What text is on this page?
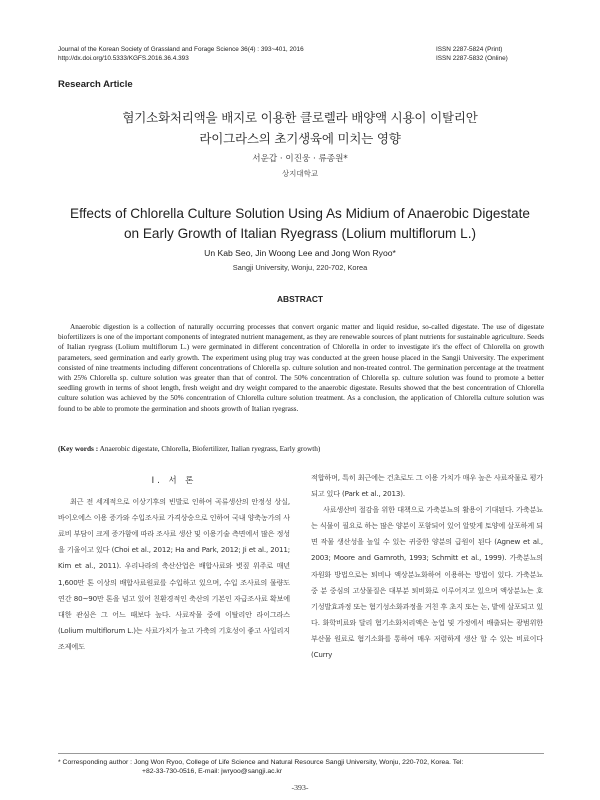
Journal of the Korean Society of Grassland and Forage Science 36(4) : 393~401, 2016
http://dx.doi.org/10.5333/KGFS.2016.36.4.393
ISSN 2287-5824 (Print)
ISSN 2287-5832 (Online)
Research Article
혐기소화처리액을 배지로 이용한 클로렐라 배양액 시용이 이탈리안
라이그라스의 초기생육에 미치는 영향
서운갑 · 이진웅 · 류종원*
상지대학교
Effects of Chlorella Culture Solution Using As Midium of Anaerobic Digestate
on Early Growth of Italian Ryegrass (Lolium multiflorum L.)
Un Kab Seo, Jin Woong Lee and Jong Won Ryoo*
Sangji University, Wonju, 220-702, Korea
ABSTRACT
Anaerobic digestion is a collection of naturally occurring processes that convert organic matter and liquid residue, so-called digestate. The use of digestate biofertilizers is one of the important components of integrated nutrient management, as they are renewable sources of plant nutrients for sustainable agriculture. Seeds of Italian ryegrass (Lolium multiflorum L.) were germinated in different concentration of Chlorella in order to investigate it's the effect of Chlorella on growth parameters, seed germination and early growth. The experiment using plug tray was conducted at the green house placed in the Sangji University. The experiment consisted of nine treatments including different concentrations of Chlorella sp. culture solution and non-treated control. The germination percentage at the treatment with 25% Chlorella sp. culture solution was greater than that of control. The 50% concentration of Chlorella sp. culture solution was found to promote a better seedling growth in terms of shoot length, fresh weight and dry weight compared to the anaerobic digestate. Results showed that the best concentration of Chlorella culture solution was achieved by the 50% concentration of Chlorella culture solution treatment. As a conclusion, the application of Chlorella culture solution was found to be able to promote the germination and shoots growth of Italian ryegrass.
(Key words : Anaerobic digestate, Chlorella, Biofertilizer, Italian ryegrass, Early growth)
Ⅰ. 서 론
최근 전 세계적으로 이상기후의 빈발로 인하여 곡류생산의 안정성 상실, 바이오에스 이용 증가와 수입조사료 가격상승으로 인하여 국내 양축농가의 사료비 부담이 크게 증가함에 따라 조사료 생산 및 이용기술 측면에서 많은 정성을 기울이고 있다 (Choi et al., 2012; Ha and Park, 2012; Ji et al., 2011; Kim et al., 2011). 우리나라의 축산산업은 배합사료와 볏짚 위주로 매년 1,600만 톤 이상의 배합사료원료를 수입하고 있으며, 수입 조사료의 물량도 연간 80~90만 톤을 넘고 있어 친환경적인 축산의 기본인 자급조사료 확보에 대한 관심은 그 어느 때보다 높다. 사료작물 중에 이탈리안 라이그라스(Lolium multiflorum L.)는 사료가치가 높고 가축의 기호성이 좋고 사일리지 조제에도
적합하며, 특히 최근에는 건초로도 그 이용 가치가 매우 높은 사료작물로 평가되고 있다 (Park et al., 2013).
사료생산비 절감을 위한 대책으로 가축분뇨의 활용이 기대된다. 가축분뇨는 식물이 필요로 하는 많은 양분이 포함되어 있어 알맞게 토양에 살포하게 되면 작물 생산성을 높일 수 있는 귀중한 양분의 급원이 된다 (Agnew et al., 2003; Moore and Gamroth, 1993; Schmitt et al., 1999). 가축분뇨의 자원화 방법으로는 퇴비나 액상분뇨화하여 이용하는 방법이 있다. 가축분뇨 중 분 중심의 고상물질은 대부분 퇴비화로 이루어지고 있으며 액상분뇨는 호기성발효과정 또는 혐기성소화과정을 거친 후 초지 또는 논, 밭에 살포되고 있다. 화학비료와 달리 혐기소화처리액은 농업 및 가정에서 배출되는 광범위한 부산물 원료로 혐기소화를 통하여 매우 저렴하게 생산 할 수 있는 비료이다 (Curry
* Corresponding author : Jong Won Ryoo, College of Life Science and Natural Resource Sangji University, Wonju, 220-702, Korea. Tel:
+82-33-730-0516, E-mail: jwryoo@sangji.ac.kr
-393-
